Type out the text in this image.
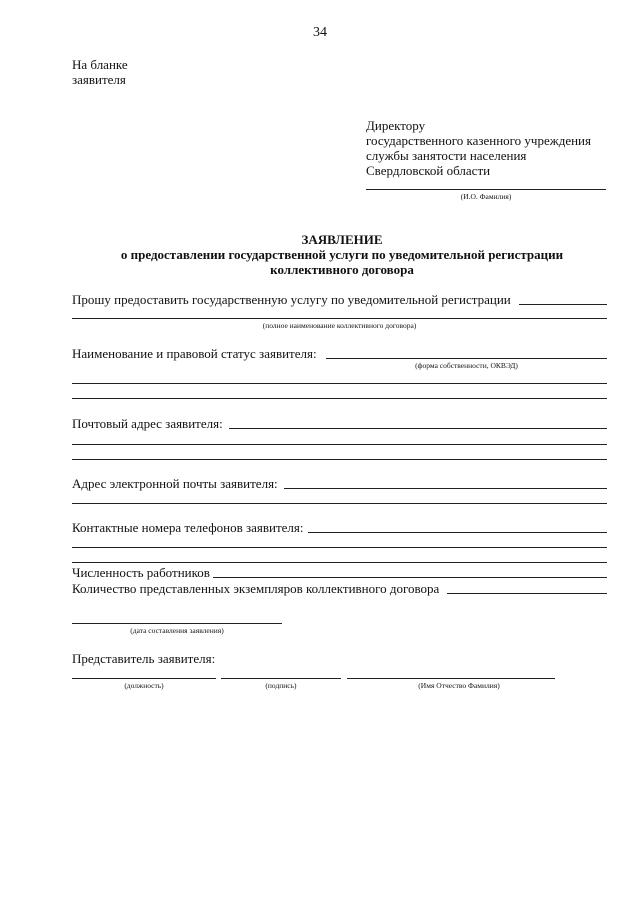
34
На бланке
заявителя
Директору
государственного казенного учреждения
службы занятости населения
Свердловской области
(И.О. Фамилия)
ЗАЯВЛЕНИЕ
о предоставлении государственной услуги по уведомительной регистрации
коллективного договора
Прошу предоставить государственную услугу по уведомительной регистрации
(полное наименование коллективного договора)
Наименование и правовой статус заявителя:
(форма собственности, ОКВЭД)
Почтовый адрес заявителя:
Адрес электронной почты заявителя:
Контактные номера телефонов заявителя:
Численность работников
Количество представленных экземпляров коллективного договора
(дата составления заявления)
Представитель заявителя:
(должность)	(подпись)	(Имя Отчество Фамилия)
